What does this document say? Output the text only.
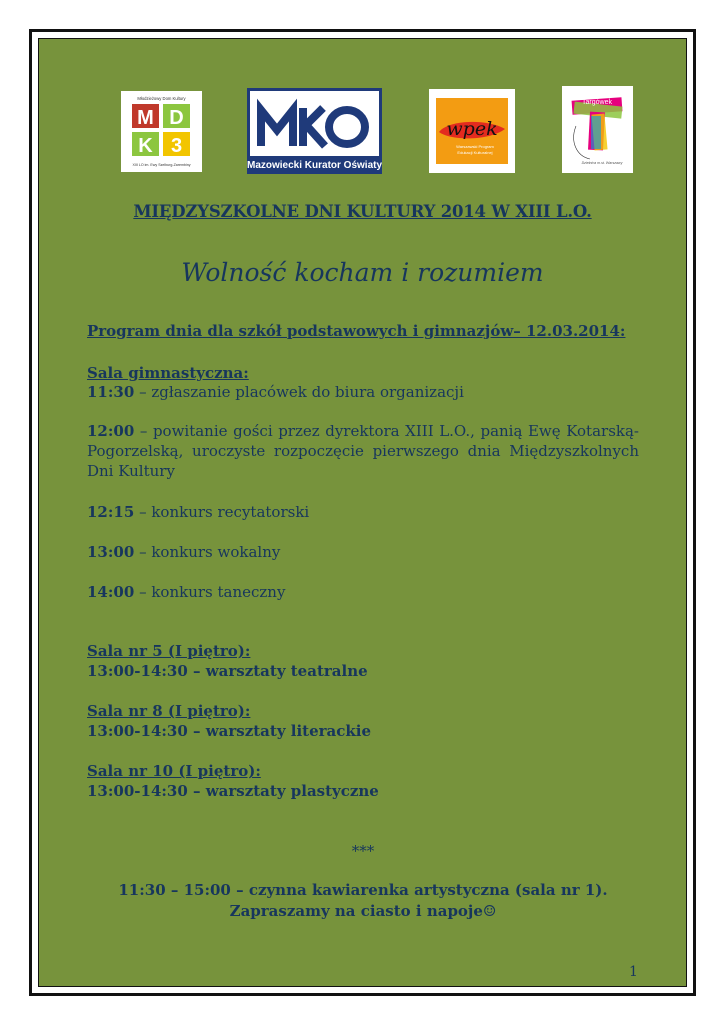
Młodzieżowy Dom Kultury
M D
K 3
XIII LO im. Ewy Szelburg-Zarembiny	Mazowiecki Kurator Oświaty
wpek
Warszawski Program
Edukacji Kulturalnej
Targówek
Dzielnica m.st. Warszawy
MIĘDZYSZKOLNE DNI KULTURY 2014 W XIII L.O.
Wolność kocham i rozumiem
Program dnia dla szkół podstawowych i gimnazjów– 12.03.2014:
Sala gimnastyczna:
11:30 – zgłaszanie placówek do biura organizacji
12:00 – powitanie gości przez dyrektora XIII L.O., panią Ewę Kotarską-Pogorzelską, uroczyste rozpoczęcie pierwszego dnia Międzyszkolnych Dni Kultury
12:15 – konkurs recytatorski
13:00 – konkurs wokalny
14:00 – konkurs taneczny
Sala nr 5 (I piętro):
13:00-14:30 – warsztaty teatralne
Sala nr 8 (I piętro):
13:00-14:30 – warsztaty literackie
Sala nr 10 (I piętro):
13:00-14:30 – warsztaty plastyczne
***
11:30 – 15:00 – czynna kawiarenka artystyczna (sala nr 1).
Zapraszamy na ciasto i napoje☺
1
